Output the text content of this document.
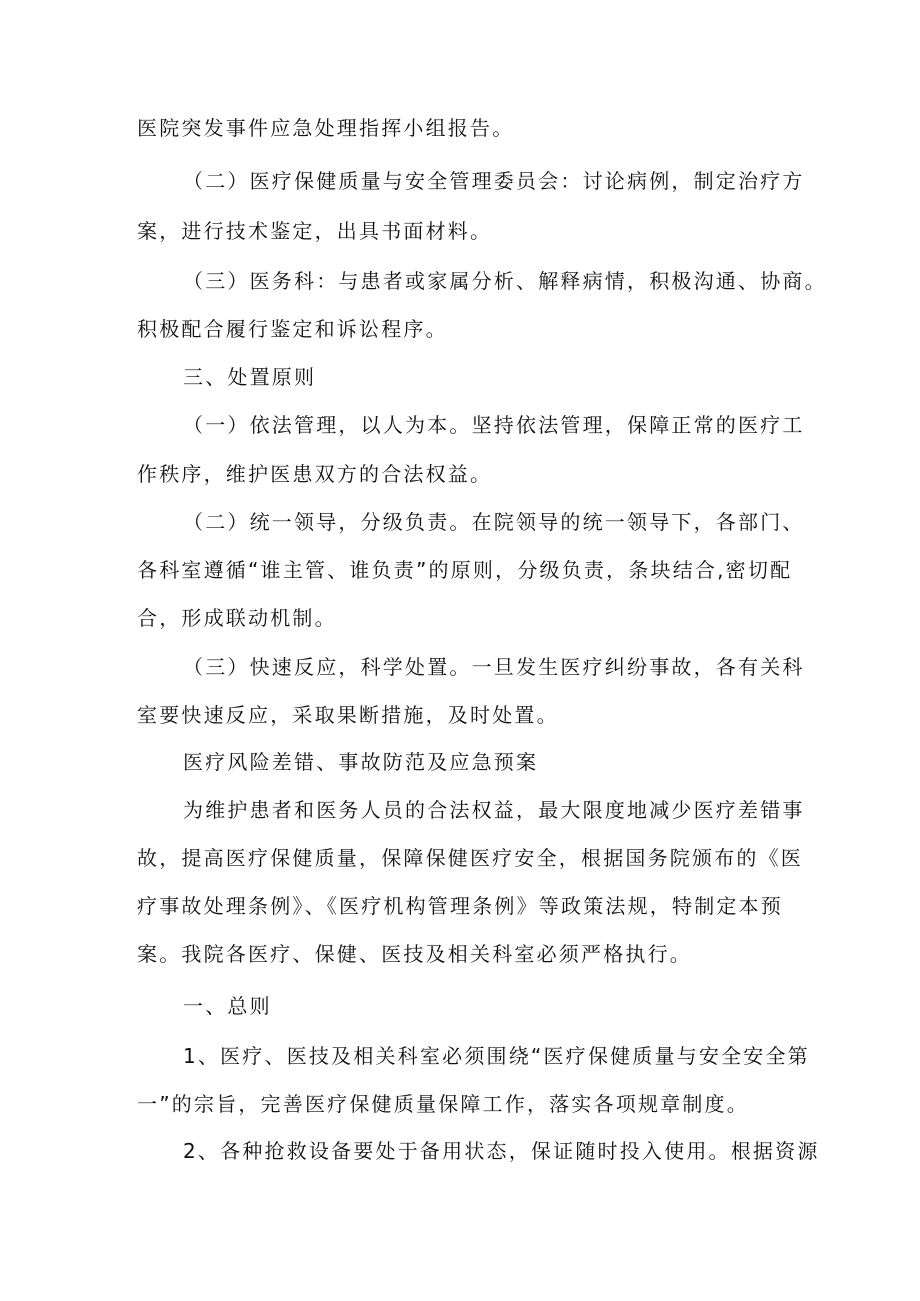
医院突发事件应急处理指挥小组报告。
（二）医疗保健质量与安全管理委员会：讨论病例，制定治疗方
案，进行技术鉴定，出具书面材料。
（三）医务科：与患者或家属分析、解释病情，积极沟通、协商。
积极配合履行鉴定和诉讼程序。
三、处置原则
（一）依法管理，以人为本。坚持依法管理，保障正常的医疗工
作秩序，维护医患双方的合法权益。
（二）统一领导，分级负责。在院领导的统一领导下，各部门、
各科室遵循“谁主管、谁负责”的原则，分级负责，条块结合,密切配
合，形成联动机制。
（三）快速反应，科学处置。一旦发生医疗纠纷事故，各有关科
室要快速反应，采取果断措施，及时处置。
医疗风险差错、事故防范及应急预案
为维护患者和医务人员的合法权益，最大限度地减少医疗差错事
故，提高医疗保健质量，保障保健医疗安全，根据国务院颁布的《医
疗事故处理条例》、《医疗机构管理条例》等政策法规，特制定本预
案。我院各医疗、保健、医技及相关科室必须严格执行。
一、总则
1、医疗、医技及相关科室必须围绕“医疗保健质量与安全安全第
一”的宗旨，完善医疗保健质量保障工作，落实各项规章制度。
2、各种抢救设备要处于备用状态，保证随时投入使用。根据资源
